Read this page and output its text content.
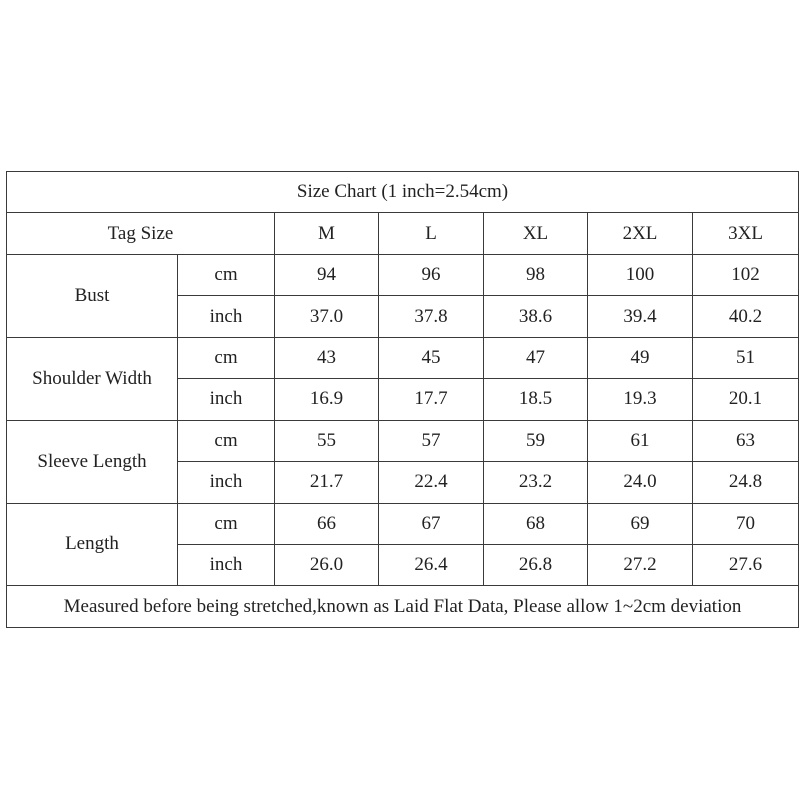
Size Chart (1 inch=2.54cm)						
Tag Size		M	L	XL	2XL	3XL
Bust	cm	94	96	98	100	102
	inch	37.0	37.8	38.6	39.4	40.2
Shoulder Width	cm	43	45	47	49	51
	inch	16.9	17.7	18.5	19.3	20.1
Sleeve Length	cm	55	57	59	61	63
	inch	21.7	22.4	23.2	24.0	24.8
Length	cm	66	67	68	69	70
	inch	26.0	26.4	26.8	27.2	27.6
Measured before being stretched,known as Laid Flat Data, Please allow 1~2cm deviation						
